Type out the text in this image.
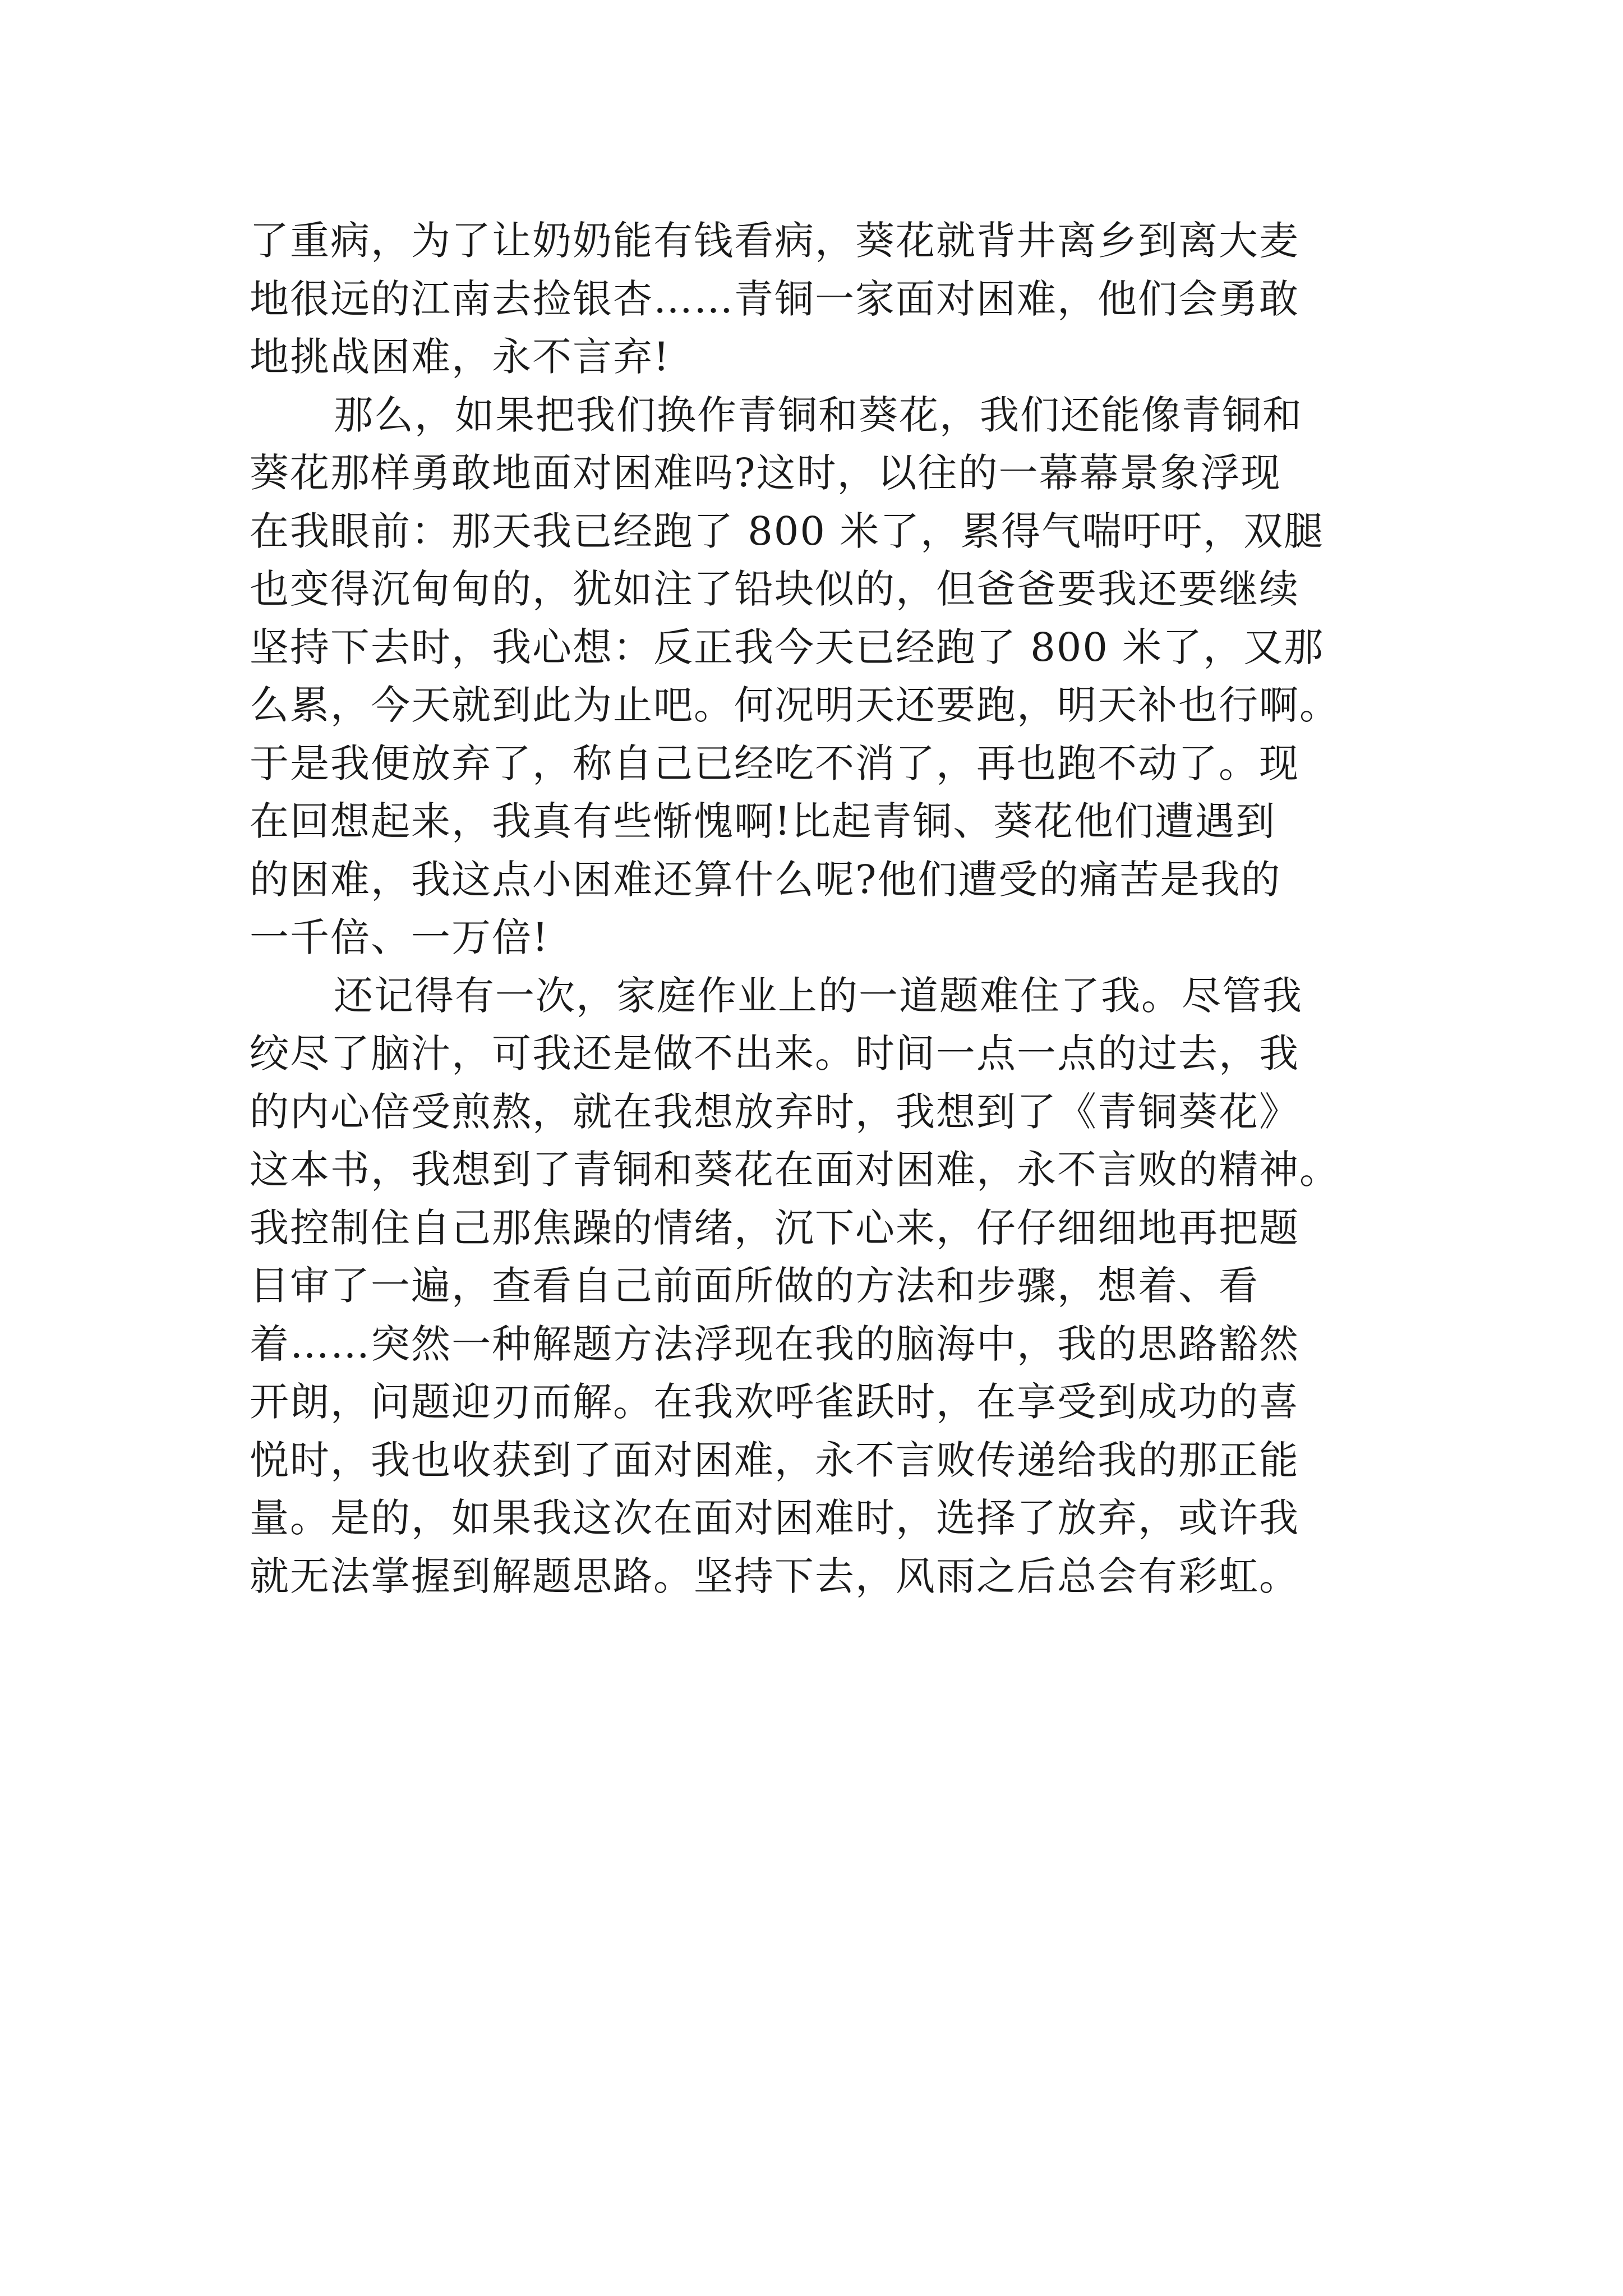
了重病，为了让奶奶能有钱看病，葵花就背井离乡到离大麦
地很远的江南去捡银杏……青铜一家面对困难，他们会勇敢
地挑战困难，永不言弃!
那么，如果把我们换作青铜和葵花，我们还能像青铜和
葵花那样勇敢地面对困难吗?这时，以往的一幕幕景象浮现
在我眼前：那天我已经跑了 800 米了，累得气喘吁吁，双腿
也变得沉甸甸的，犹如注了铅块似的，但爸爸要我还要继续
坚持下去时，我心想：反正我今天已经跑了 800 米了，又那
么累，今天就到此为止吧。何况明天还要跑，明天补也行啊。
于是我便放弃了，称自己已经吃不消了，再也跑不动了。现
在回想起来，我真有些惭愧啊!比起青铜、葵花他们遭遇到
的困难，我这点小困难还算什么呢?他们遭受的痛苦是我的
一千倍、一万倍!
还记得有一次，家庭作业上的一道题难住了我。尽管我
绞尽了脑汁，可我还是做不出来。时间一点一点的过去，我
的内心倍受煎熬，就在我想放弃时，我想到了《青铜葵花》
这本书，我想到了青铜和葵花在面对困难，永不言败的精神。
我控制住自己那焦躁的情绪，沉下心来，仔仔细细地再把题
目审了一遍，查看自己前面所做的方法和步骤，想着、看
着……突然一种解题方法浮现在我的脑海中，我的思路豁然
开朗，问题迎刃而解。在我欢呼雀跃时，在享受到成功的喜
悦时，我也收获到了面对困难，永不言败传递给我的那正能
量。是的，如果我这次在面对困难时，选择了放弃，或许我
就无法掌握到解题思路。坚持下去，风雨之后总会有彩虹。
